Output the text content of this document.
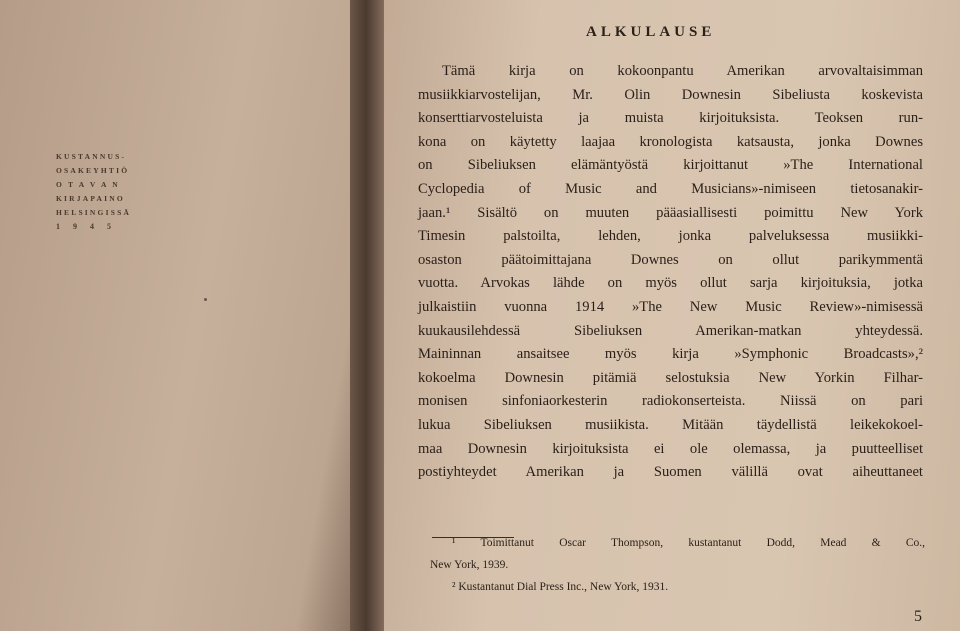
KUSTANNUS-
OSAKEYHTIÖ
O T A V A N
KIRJAPAINO
HELSINGISSÄ
1945
ALKULAUSE
Tämä kirja on kokoonpantu Amerikan arvovaltaisimman
musiikkiarvostelijan, Mr. Olin Downesin Sibeliusta koskevista
konserttiarvosteluista ja muista kirjoituksista. Teoksen run-
kona on käytetty laajaa kronologista katsausta, jonka Downes
on Sibeliuksen elämäntyöstä kirjoittanut »The International
Cyclopedia of Music and Musicians»-nimiseen tietosanakir-
jaan.¹ Sisältö on muuten pääasiallisesti poimittu New York
Timesin palstoilta, lehden, jonka palveluksessa musiikki-
osaston päätoimittajana Downes on ollut parikymmentä
vuotta. Arvokas lähde on myös ollut sarja kirjoituksia, jotka
julkaistiin vuonna 1914 »The New Music Review»-nimisessä
kuukausilehdessä Sibeliuksen Amerikan-matkan yhteydessä.
Maininnan ansaitsee myös kirja »Symphonic Broadcasts»,²
kokoelma Downesin pitämiä selostuksia New Yorkin Filhar-
monisen sinfoniaorkesterin radiokonserteista. Niissä on pari
lukua Sibeliuksen musiikista. Mitään täydellistä leikekokoel-
maa Downesin kirjoituksista ei ole olemassa, ja puutteelliset
postiyhteydet Amerikan ja Suomen välillä ovat aiheuttaneet
¹ Toimittanut Oscar Thompson, kustantanut Dodd, Mead & Co.,
New York, 1939.
² Kustantanut Dial Press Inc., New York, 1931.
5
